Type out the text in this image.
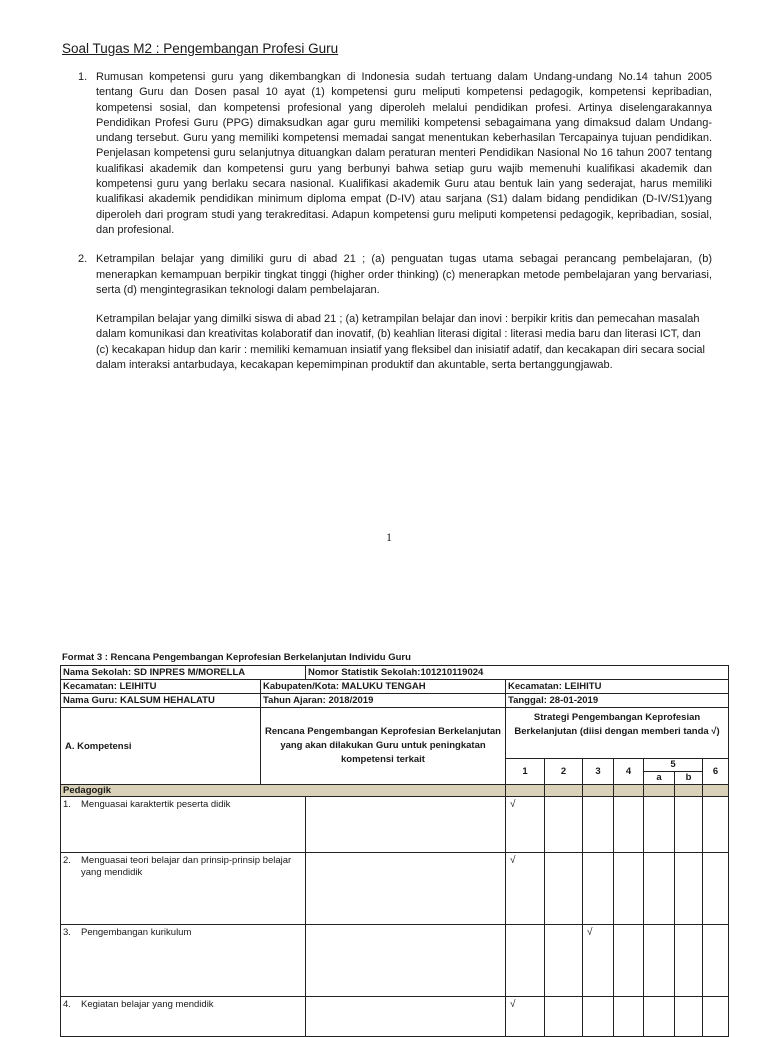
Soal Tugas M2 : Pengembangan Profesi Guru
1. Rumusan kompetensi guru yang dikembangkan di Indonesia sudah tertuang dalam Undang-undang No.14 tahun 2005 tentang Guru dan Dosen pasal 10 ayat (1) kompetensi guru meliputi kompetensi pedagogik, kompetensi kepribadian, kompetensi sosial, dan kompetensi profesional yang diperoleh melalui pendidikan profesi. Artinya diselengarakannya Pendidikan Profesi Guru (PPG) dimaksudkan agar guru memiliki kompetensi sebagaimana yang dimaksud dalam Undang-undang tersebut. Guru yang memiliki kompetensi memadai sangat menentukan keberhasilan Tercapainya tujuan pendidikan. Penjelasan kompetensi guru selanjutnya dituangkan dalam peraturan menteri Pendidikan Nasional No 16 tahun 2007 tentang kualifikasi akademik dan kompetensi guru yang berbunyi bahwa setiap guru wajib memenuhi kualifikasi akademik dan kompetensi guru yang berlaku secara nasional. Kualifikasi akademik Guru atau bentuk lain yang sederajat, harus memiliki kualifikasi akademik pendidikan minimum diploma empat (D-IV) atau sarjana (S1) dalam bidang pendidikan (D-IV/S1)yang diperoleh dari program studi yang terakreditasi. Adapun kompetensi guru meliputi kompetensi pedagogik, kepribadian, sosial, dan profesional.

2. Ketrampilan belajar yang dimiliki guru di abad 21 ; (a) penguatan tugas utama sebagai perancang pembelajaran, (b) menerapkan kemampuan berpikir tingkat tinggi (higher order thinking) (c) menerapkan metode pembelajaran yang bervariasi, serta (d) mengintegrasikan teknologi dalam pembelajaran.

Ketrampilan belajar yang dimilki siswa di abad 21 ; (a) ketrampilan belajar dan inovi : berpikir kritis dan pemecahan masalah dalam komunikasi dan kreativitas kolaboratif dan inovatif, (b) keahlian literasi digital : literasi media baru dan literasi ICT, dan (c) kecakapan hidup dan karir : memiliki kemamuan insiatif yang fleksibel dan inisiatif adatif, dan kecakapan diri secara social dalam interaksi antarbudaya, kecakapan kepemimpinan produktif dan akuntable, serta bertanggungjawab.

1
Format 3 : Rencana Pengembangan Keprofesian Berkelanjutan Individu Guru
Nama Sekolah: SD INPRES M/MORELLA		Nomor Statistik Sekolah:101210119024							
Kecamatan: LEIHITU	Kabupaten/Kota: MALUKU TENGAH		Kecamatan: LEIHITU						
Nama Guru: KALSUM HEHALATU	Tahun Ajaran: 2018/2019		Tanggal: 28-01-2019						
A. Kompetensi	Rencana Pengembangan Keprofesian Berkelanjutan yang akan dilakukan Guru untuk peningkatan kompetensi terkait		Strategi Pengembangan Keprofesian Berkelanjutan (diisi dengan memberi tanda √)						
			1	2	3	4	5		6
							a	b	
Pedagogik									

1. Menguasai karaktertik peserta didik			√						

2. Menguasai teori belajar dan prinsip-prinsip belajar yang mendidik			√						

3. Pengembangan kurikulum					√				

4. Kegiatan belajar yang mendidik			√						
